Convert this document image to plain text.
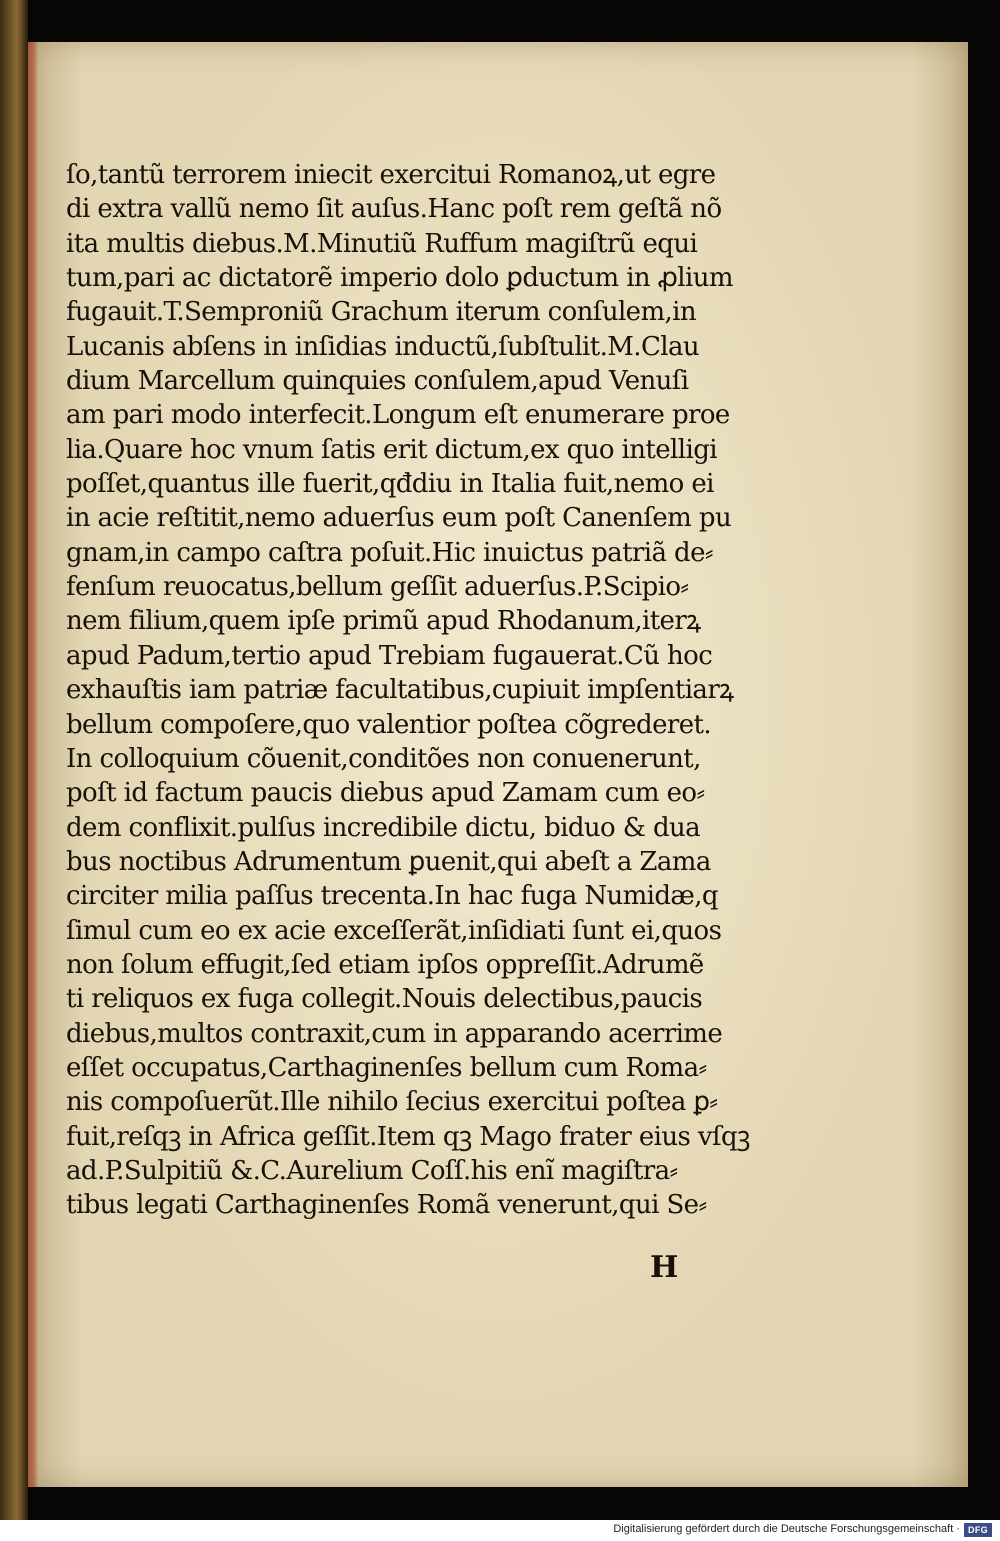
ſo,tantũ terrorem iniecit exercitui Romanoꝝ,ut egre
di extra vallũ nemo ſit auſus.Hanc poſt rem geſtã nõ
ita multis diebus.M.Minutiũ Ruffum magiſtrũ equi
tum,pari ac dictatorẽ imperio dolo ꝑductum in ꝓlium
fugauit.T.Semproniũ Grachum iterum conſulem,in
Lucanis abſens in inſidias inductũ,ſubſtulit.M.Clau
dium Marcellum quinquies conſulem,apud Venuſi
am pari modo interfecit.Longum eſt enumerare proe
lia.Quare hoc vnum ſatis erit dictum,ex quo intelligi
poſſet,quantus ille fuerit,qđdiu in Italia fuit,nemo ei
in acie reſtitit,nemo aduerſus eum poſt Canenſem pu
gnam,in campo caſtra poſuit.Hic inuictus patriã de⸗
fenſum reuocatus,bellum geſſit aduerſus.P.Scipio⸗
nem filium,quem ipſe primũ apud Rhodanum,iterꝝ
apud Padum,tertio apud Trebiam fugauerat.Cũ hoc
exhauſtis iam patriæ facultatibus,cupiuit impſentiarꝝ
bellum compoſere,quo valentior poſtea cõgrederet.
In colloquium cõuenit,conditões non conuenerunt,
poſt id factum paucis diebus apud Zamam cum eo⸗
dem conflixit.pulſus incredibile dictu, biduo & dua
bus noctibus Adrumentum ꝑuenit,qui abeſt a Zama
circiter milia paſſus trecenta.In hac fuga Numidæ,q
ſimul cum eo ex acie exceſſerãt,inſidiati ſunt ei,quos
non ſolum effugit,ſed etiam ipſos oppreſſit.Adrumẽ
ti reliquos ex fuga collegit.Nouis delectibus,paucis
diebus,multos contraxit,cum in apparando acerrime
eſſet occupatus,Carthaginenſes bellum cum Roma⸗
nis compoſuerũt.Ille nihilo ſecius exercitui poſtea ꝑ⸗
fuit,reſqꝫ in Africa geſſit.Item qꝫ Mago frater eius vſqꝫ
ad.P.Sulpitiũ &.C.Aurelium Coſſ.his enĩ magiſtra⸗
tibus legati Carthaginenſes Romã venerunt,qui Se⸗
H
Digitalisierung gefördert durch die Deutsche Forschungsgemeinschaft · DFG
